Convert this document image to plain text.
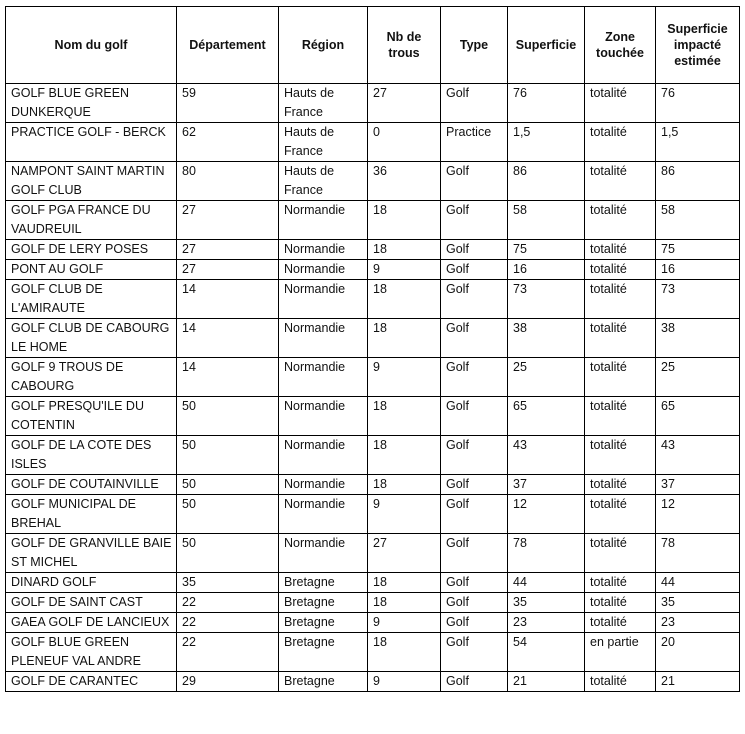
Nom du golf	Département	Région	Nb de trous	Type	Superficie	Zone touchée	Superficie impacté estimée
GOLF BLUE GREEN DUNKERQUE	59	Hauts de France	27	Golf	76	totalité	76
PRACTICE GOLF - BERCK	62	Hauts de France	0	Practice	1,5	totalité	1,5
NAMPONT SAINT MARTIN GOLF CLUB	80	Hauts de France	36	Golf	86	totalité	86
GOLF PGA FRANCE DU VAUDREUIL	27	Normandie	18	Golf	58	totalité	58
GOLF DE LERY POSES	27	Normandie	18	Golf	75	totalité	75
PONT AU GOLF	27	Normandie	9	Golf	16	totalité	16
GOLF CLUB DE L'AMIRAUTE	14	Normandie	18	Golf	73	totalité	73
GOLF CLUB DE CABOURG LE HOME	14	Normandie	18	Golf	38	totalité	38
GOLF 9 TROUS DE CABOURG	14	Normandie	9	Golf	25	totalité	25
GOLF PRESQU'ILE DU COTENTIN	50	Normandie	18	Golf	65	totalité	65
GOLF DE LA COTE DES ISLES	50	Normandie	18	Golf	43	totalité	43
GOLF DE COUTAINVILLE	50	Normandie	18	Golf	37	totalité	37
GOLF MUNICIPAL DE BREHAL	50	Normandie	9	Golf	12	totalité	12
GOLF DE GRANVILLE BAIE ST MICHEL	50	Normandie	27	Golf	78	totalité	78
DINARD GOLF	35	Bretagne	18	Golf	44	totalité	44
GOLF DE SAINT CAST	22	Bretagne	18	Golf	35	totalité	35
GAEA GOLF DE LANCIEUX	22	Bretagne	9	Golf	23	totalité	23
GOLF BLUE GREEN PLENEUF VAL ANDRE	22	Bretagne	18	Golf	54	en partie	20
GOLF DE CARANTEC	29	Bretagne	9	Golf	21	totalité	21
